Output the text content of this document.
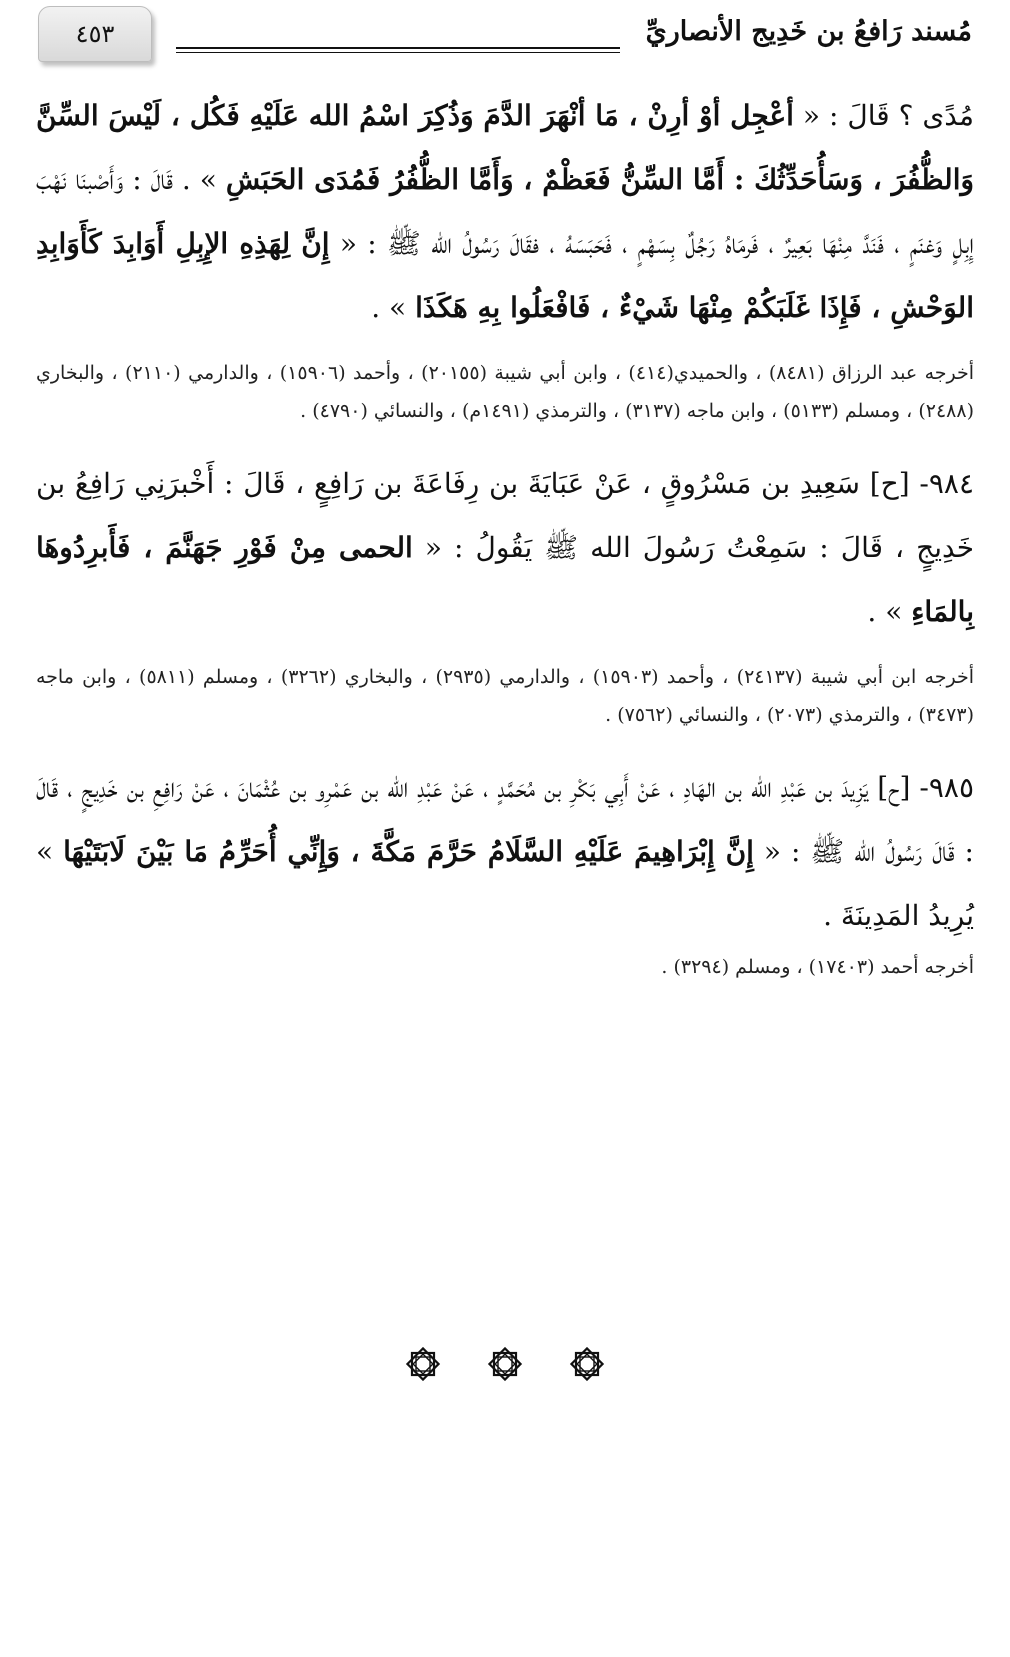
مُسند رَافعُ بن خَدِيج الأنصاريِّ
٤٥٣

مُدًى ؟ قَالَ : « أعْجِل أوْ أرِنْ ، مَا أنْهَرَ الدَّمَ وَذُكِرَ اسْمُ الله عَلَيْهِ فَكُل ، لَيْسَ السِّنَّ وَالظُّفُرَ ، وَسَأُحَدِّثُكَ : أَمَّا السِّنُّ فَعَظْمٌ ، وَأَمَّا الظُّفُرُ فَمُدَى الحَبَشِ » . قَالَ : وَأَصْبنَا نَهْبَ إِبِلٍ وَغنَمٍ ، فَنَدَّ مِنْهَا بَعِيرٌ ، فَرمَاهُ رَجُلٌ بِسَهْمٍ ، فَحَبَسَهُ ، فقَالَ رَسُولُ الله ﷺ : « إِنَّ لِهَذِهِ الإِبِلِ أَوَابِدَ كَأَوَابِدِ الوَحْشِ ، فَإِذَا غَلَبَكُمْ مِنْهَا شَيْءٌ ، فَافْعَلُوا بِهِ هَكَذَا » .

أخرجه عبد الرزاق (٨٤٨١) ، والحميدي(٤١٤) ، وابن أبي شيبة (٢٠١٥٥) ، وأحمد (١٥٩٠٦) ، والدارمي (٢١١٠) ، والبخاري (٢٤٨٨) ، ومسلم (٥١٣٣) ، وابن ماجه (٣١٣٧) ، والترمذي (١٤٩١م) ، والنسائي (٤٧٩٠) .

٩٨٤- [ح] سَعِيدِ بن مَسْرُوقٍ ، عَنْ عَبَايَةَ بن رِفَاعَةَ بن رَافِعٍ ، قَالَ : أَخْبرَنِي رَافِعُ بن خَدِيجٍ ، قَالَ : سَمِعْتُ رَسُولَ الله ﷺ يَقُولُ : « الحمى مِنْ فَوْرِ جَهَنَّمَ ، فَأَبرِدُوهَا بِالمَاءِ » .

أخرجه ابن أبي شيبة (٢٤١٣٧) ، وأحمد (١٥٩٠٣) ، والدارمي (٢٩٣٥) ، والبخاري (٣٢٦٢) ، ومسلم (٥٨١١) ، وابن ماجه (٣٤٧٣) ، والترمذي (٢٠٧٣) ، والنسائي (٧٥٦٢) .

٩٨٥- [ح] يَزِيدَ بن عَبْدِ الله بن الهَادِ ، عَنْ أَبِي بَكْرِ بن مُحَمَّدٍ ، عَنْ عَبْدِ الله بن عَمْرِو بن عُثْمَانَ ، عَنْ رَافِعِ بن خَدِيجٍ ، قَالَ : قَالَ رَسُولُ الله ﷺ : « إِنَّ إِبْرَاهِيمَ عَلَيْهِ السَّلَامُ حَرَّمَ مَكَّةَ ، وَإِنِّي أُحَرِّمُ مَا بَيْنَ لَابَتَيْهَا » يُرِيدُ المَدِينَةَ .

أخرجه أحمد (١٧٤٠٣) ، ومسلم (٣٢٩٤) .
